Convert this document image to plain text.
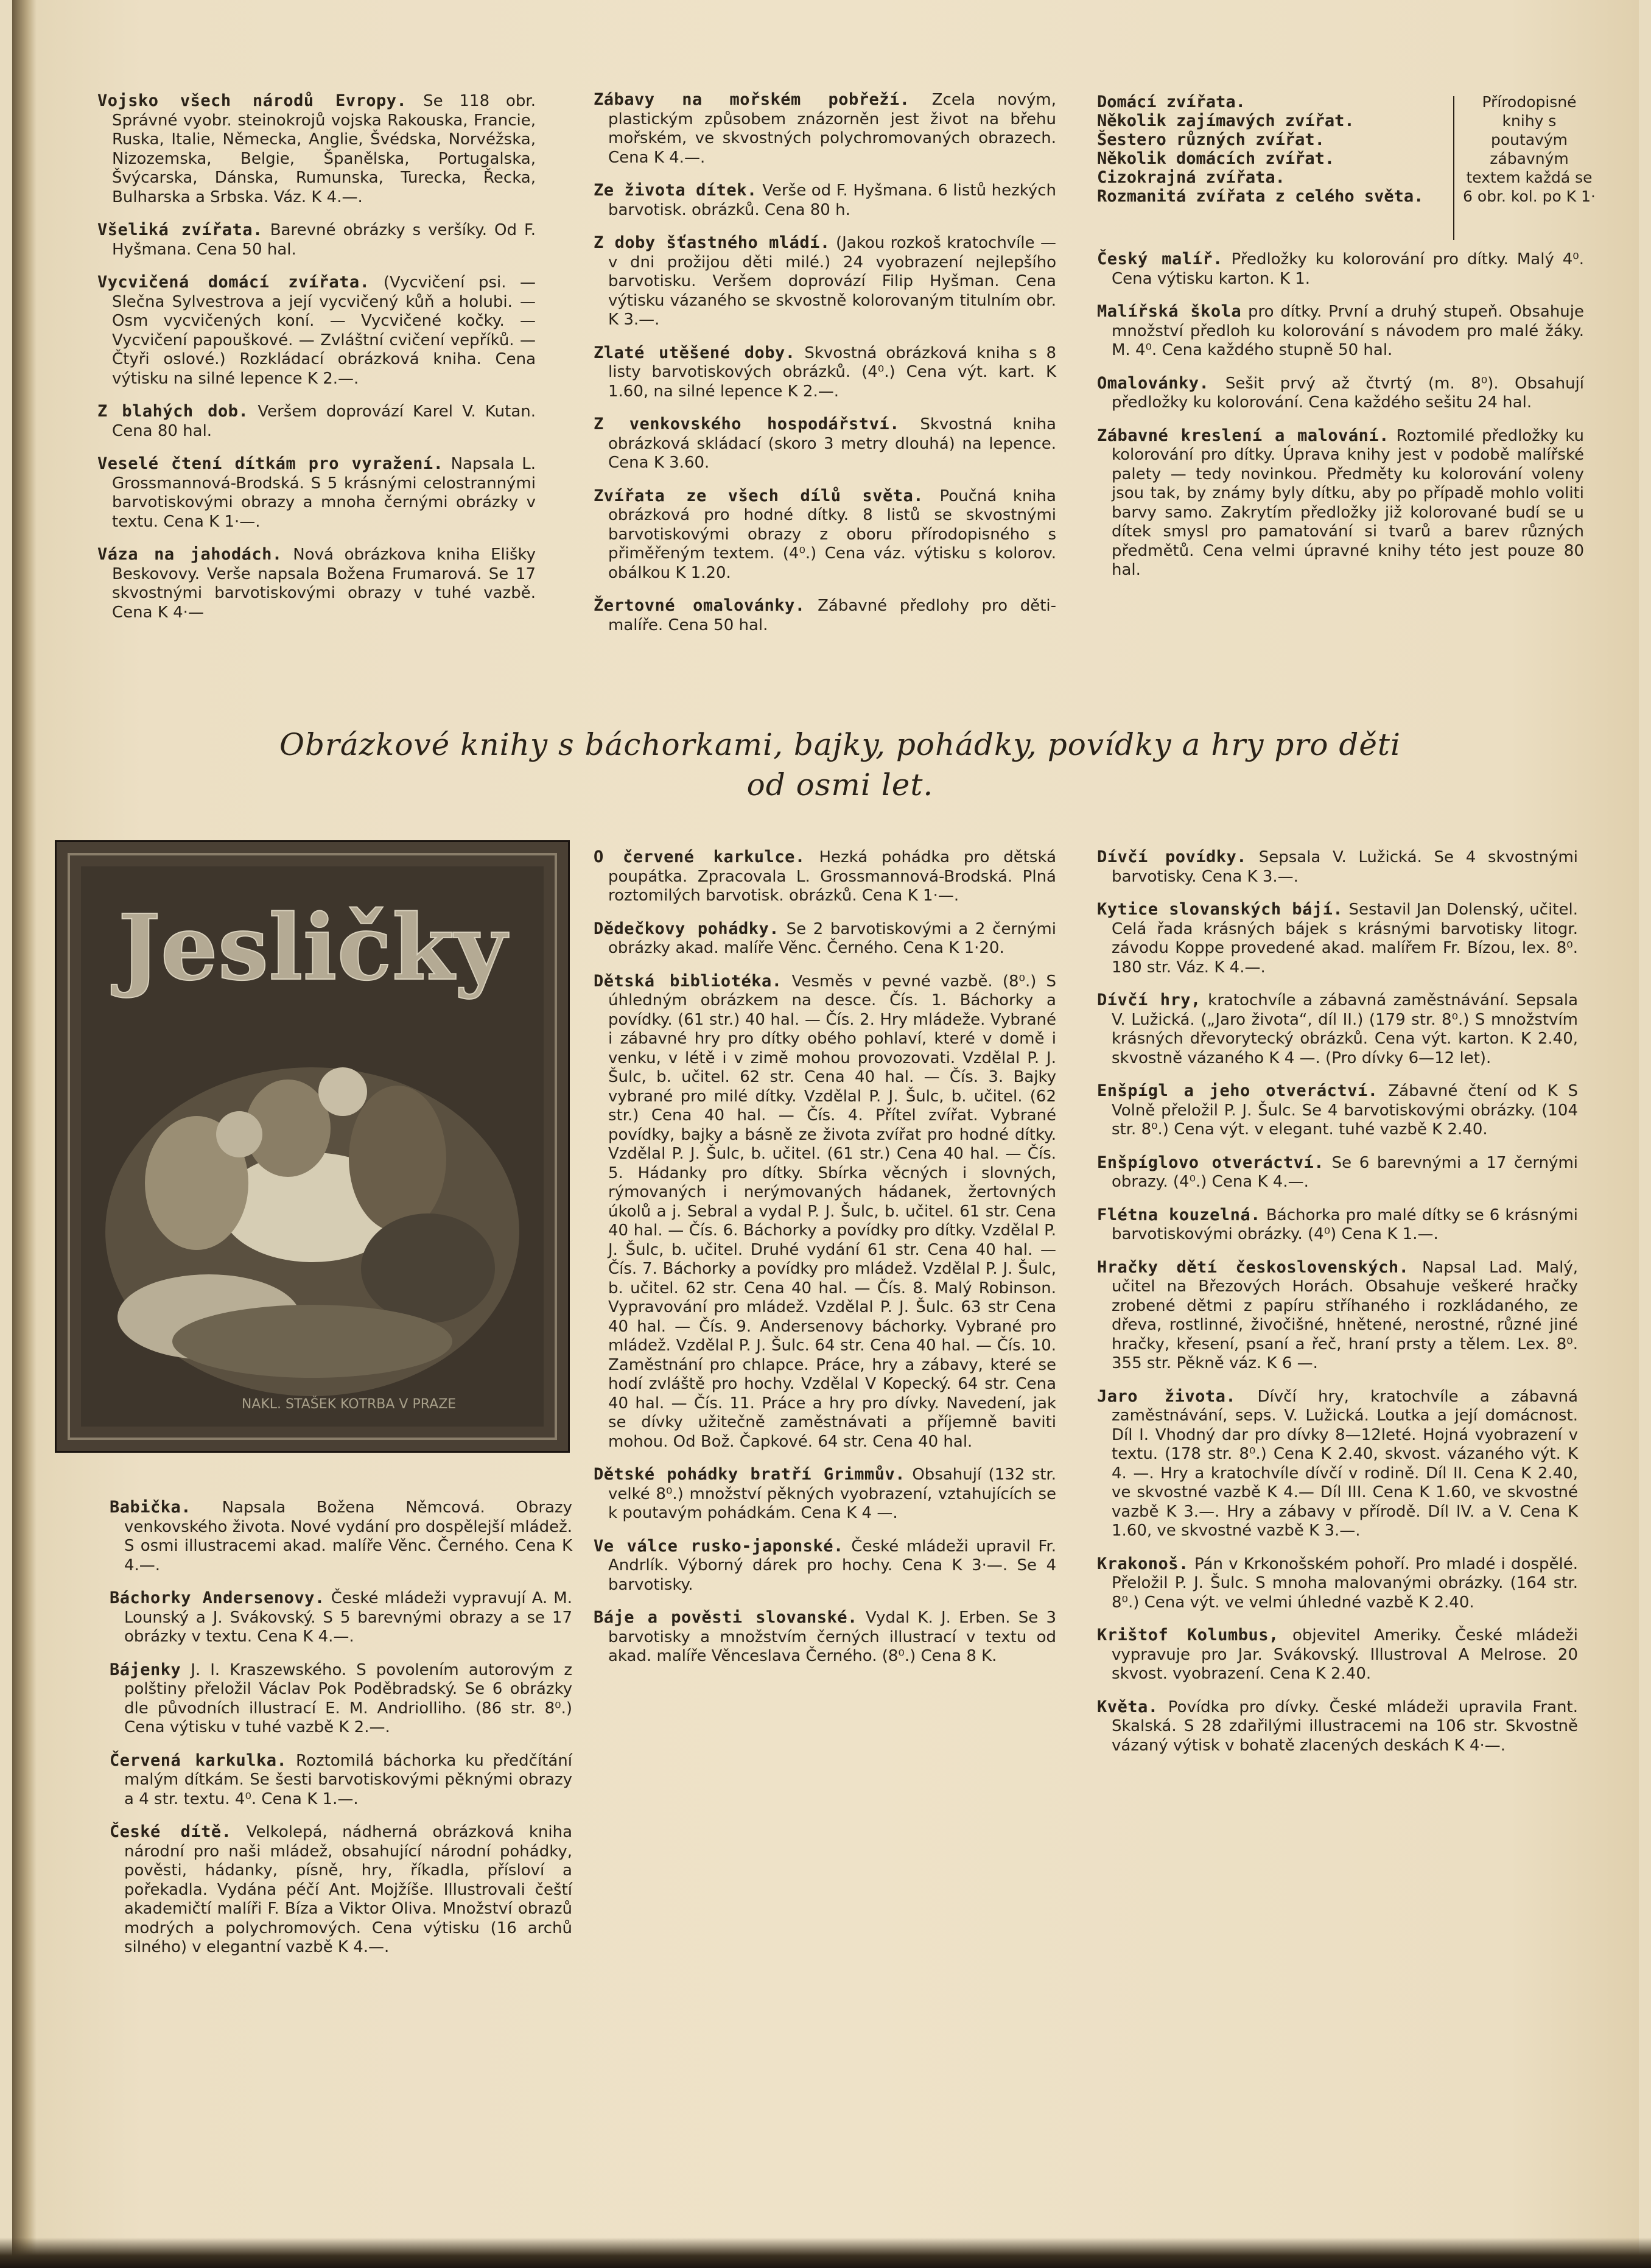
Vojsko všech národů Evropy. Se 118 obr. Správné vyobr. steinokrojů vojska Rakouska, Francie, Ruska, Italie, Německa, Anglie, Švédska, Norvéžska, Nizozemska, Belgie, Španělska, Portugalska, Švýcarska, Dánska, Rumunska, Turecka, Řecka, Bulharska a Srbska. Váz. K 4.—.

Všeliká zvířata. Barevné obrázky s veršíky. Od F. Hyšmana. Cena 50 hal.

Vycvičená domácí zvířata. (Vycvičení psi. — Slečna Sylvestrova a její vycvičený kůň a holubi. — Osm vycvičených koní. — Vycvičené kočky. — Vycvičení papouškové. — Zvláštní cvičení vepříků. — Čtyři oslové.) Rozkládací obrázková kniha. Cena výtisku na silné lepence K 2.—.

Z blahých dob. Veršem doprovází Karel V. Kutan. Cena 80 hal.

Veselé čtení dítkám pro vyražení. Napsala L. Grossmannová-Brodská. S 5 krásnými celostrannými barvotiskovými obrazy a mnoha černými obrázky v textu. Cena K 1·—.

Váza na jahodách. Nová obrázkova kniha Elišky Beskovovy. Verše napsala Božena Frumarová. Se 17 skvostnými barvotiskovými obrazy v tuhé vazbě. Cena K 4·—

Zábavy na mořském pobřeží. Zcela novým, plastickým způsobem znázorněn jest život na břehu mořském, ve skvostných polychromovaných obrazech. Cena K 4.—.

Ze života dítek. Verše od F. Hyšmana. 6 listů hezkých barvotisk. obrázků. Cena 80 h.

Z doby šťastného mládí. (Jakou rozkoš kratochvíle — v dni prožijou děti milé.) 24 vyobrazení nejlepšího barvotisku. Veršem doprovází Filip Hyšman. Cena výtisku vázaného se skvostně kolorovaným titulním obr. K 3.—.

Zlaté utěšené doby. Skvostná obrázková kniha s 8 listy barvotiskových obrázků. (4⁰.) Cena výt. kart. K 1.60, na silné lepence K 2.—.

Z venkovského hospodářství. Skvostná kniha obrázková skládací (skoro 3 metry dlouhá) na lepence. Cena K 3.60.

Zvířata ze všech dílů světa. Poučná kniha obrázková pro hodné dítky. 8 listů se skvostnými barvotiskovými obrazy z oboru přírodopisného s přiměřeným textem. (4⁰.) Cena váz. výtisku s kolorov. obálkou K 1.20.

Žertovné omalovánky. Zábavné předlohy pro děti-malíře. Cena 50 hal.

Domácí zvířata.
Několik zajímavých zvířat.
Šestero různých zvířat.
Několik domácích zvířat.
Cizokrajná zvířata.
Rozmanitá zvířata z celého světa.
Přírodopisné knihy s poutavým zábavným textem každá se 6 obr. kol. po K 1·

Český malíř. Předložky ku kolorování pro dítky. Malý 4⁰. Cena výtisku karton. K 1.

Malířská škola pro dítky. První a druhý stupeň. Obsahuje množství předloh ku kolorování s návodem pro malé žáky. M. 4⁰. Cena každého stupně 50 hal.

Omalovánky. Sešit prvý až čtvrtý (m. 8⁰). Obsahují předložky ku kolorování. Cena každého sešitu 24 hal.

Zábavné kreslení a malování. Roztomilé předložky ku kolorování pro dítky. Úprava knihy jest v podobě malířské palety — tedy novinkou. Předměty ku kolorování voleny jsou tak, by známy byly dítku, aby po případě mohlo voliti barvy samo. Zakrytím předložky již kolorované budí se u dítek smysl pro pamatování si tvarů a barev různých předmětů. Cena velmi úpravné knihy této jest pouze 80 hal.

Obrázkové knihy s báchorkami, bajky, pohádky, povídky a hry pro děti
od osmi let.
Jesličky
NAKL. STAŠEK KOTRBA V PRAZE

Babička. Napsala Božena Němcová. Obrazy venkovského života. Nové vydání pro dospělejší mládež. S osmi illustracemi akad. malíře Věnc. Černého. Cena K 4.—.

Báchorky Andersenovy. České mládeži vypravují A. M. Lounský a J. Svákovský. S 5 barevnými obrazy a se 17 obrázky v textu. Cena K 4.—.

Bájenky J. I. Kraszewského. S povolením autorovým z polštiny přeložil Václav Pok Poděbradský. Se 6 obrázky dle původních illustrací E. M. Andriolliho. (86 str. 8⁰.) Cena výtisku v tuhé vazbě K 2.—.

Červená karkulka. Roztomilá báchorka ku předčítání malým dítkám. Se šesti barvotiskovými pěknými obrazy a 4 str. textu. 4⁰. Cena K 1.—.

České dítě. Velkolepá, nádherná obrázková kniha národní pro naši mládež, obsahující národní pohádky, pověsti, hádanky, písně, hry, říkadla, přísloví a pořekadla. Vydána péčí Ant. Mojžíše. Illustrovali čeští akademičtí malíři F. Bíza a Viktor Oliva. Množství obrazů modrých a polychromových. Cena výtisku (16 archů silného) v elegantní vazbě K 4.—.

O červené karkulce. Hezká pohádka pro dětská poupátka. Zpracovala L. Grossmannová-Brodská. Plná roztomilých barvotisk. obrázků. Cena K 1·—.

Dědečkovy pohádky. Se 2 barvotiskovými a 2 černými obrázky akad. malíře Věnc. Černého. Cena K 1·20.

Dětská bibliotéka. Vesměs v pevné vazbě. (8⁰.) S úhledným obrázkem na desce. Čís. 1. Báchorky a povídky. (61 str.) 40 hal. — Čís. 2. Hry mládeže. Vybrané i zábavné hry pro dítky obého pohlaví, které v domě i venku, v létě i v zimě mohou provozovati. Vzdělal P. J. Šulc, b. učitel. 62 str. Cena 40 hal. — Čís. 3. Bajky vybrané pro milé dítky. Vzdělal P. J. Šulc, b. učitel. (62 str.) Cena 40 hal. — Čís. 4. Přítel zvířat. Vybrané povídky, bajky a básně ze života zvířat pro hodné dítky. Vzdělal P. J. Šulc, b. učitel. (61 str.) Cena 40 hal. — Čís. 5. Hádanky pro dítky. Sbírka věcných i slovných, rýmovaných i nerýmovaných hádanek, žertovných úkolů a j. Sebral a vydal P. J. Šulc, b. učitel. 61 str. Cena 40 hal. — Čís. 6. Báchorky a povídky pro dítky. Vzdělal P. J. Šulc, b. učitel. Druhé vydání 61 str. Cena 40 hal. — Čís. 7. Báchorky a povídky pro mládež. Vzdělal P. J. Šulc, b. učitel. 62 str. Cena 40 hal. — Čís. 8. Malý Robinson. Vypravování pro mládež. Vzdělal P. J. Šulc. 63 str Cena 40 hal. — Čís. 9. Andersenovy báchorky. Vybrané pro mládež. Vzdělal P. J. Šulc. 64 str. Cena 40 hal. — Čís. 10. Zaměstnání pro chlapce. Práce, hry a zábavy, které se hodí zvláště pro hochy. Vzdělal V Kopecký. 64 str. Cena 40 hal. — Čís. 11. Práce a hry pro dívky. Navedení, jak se dívky užitečně zaměstnávati a příjemně baviti mohou. Od Bož. Čapkové. 64 str. Cena 40 hal.

Dětské pohádky bratří Grimmův. Obsahují (132 str. velké 8⁰.) množství pěkných vyobrazení, vztahujících se k poutavým pohádkám. Cena K 4 —.

Ve válce rusko-japonské. České mládeži upravil Fr. Andrlík. Výborný dárek pro hochy. Cena K 3·—. Se 4 barvotisky.

Báje a pověsti slovanské. Vydal K. J. Erben. Se 3 barvotisky a množstvím černých illustrací v textu od akad. malíře Věnceslava Černého. (8⁰.) Cena 8 K.

Dívčí povídky. Sepsala V. Lužická. Se 4 skvostnými barvotisky. Cena K 3.—.

Kytice slovanských bájí. Sestavil Jan Dolenský, učitel. Celá řada krásných bájek s krásnými barvotisky litogr. závodu Koppe provedené akad. malířem Fr. Bízou, lex. 8⁰. 180 str. Váz. K 4.—.

Dívčí hry, kratochvíle a zábavná zaměstnávání. Sepsala V. Lužická. („Jaro života“, díl II.) (179 str. 8⁰.) S množstvím krásných dřevorytecký obrázků. Cena výt. karton. K 2.40, skvostně vázaného K 4 —. (Pro dívky 6—12 let).

Enšpígl a jeho otveráctví. Zábavné čtení od K S Volně přeložil P. J. Šulc. Se 4 barvotiskovými obrázky. (104 str. 8⁰.) Cena výt. v elegant. tuhé vazbě K 2.40.

Enšpíglovo otveráctví. Se 6 barevnými a 17 černými obrazy. (4⁰.) Cena K 4.—.

Flétna kouzelná. Báchorka pro malé dítky se 6 krásnými barvotiskovými obrázky. (4⁰) Cena K 1.—.

Hračky dětí československých. Napsal Lad. Malý, učitel na Březových Horách. Obsahuje veškeré hračky zrobené dětmi z papíru stříhaného i rozkládaného, ze dřeva, rostlinné, živočišné, hnětené, nerostné, různé jiné hračky, křesení, psaní a řeč, hraní prsty a tělem. Lex. 8⁰. 355 str. Pěkně váz. K 6 —.

Jaro života. Dívčí hry, kratochvíle a zábavná zaměstnávání, seps. V. Lužická. Loutka a její domácnost. Díl I. Vhodný dar pro dívky 8—12leté. Hojná vyobrazení v textu. (178 str. 8⁰.) Cena K 2.40, skvost. vázaného výt. K 4. —. Hry a kratochvíle dívčí v rodině. Díl II. Cena K 2.40, ve skvostné vazbě K 4.— Díl III. Cena K 1.60, ve skvostné vazbě K 3.—. Hry a zábavy v přírodě. Díl IV. a V. Cena K 1.60, ve skvostné vazbě K 3.—.

Krakonoš. Pán v Krkonošském pohoří. Pro mladé i dospělé. Přeložil P. J. Šulc. S mnoha malovanými obrázky. (164 str. 8⁰.) Cena výt. ve velmi úhledné vazbě K 2.40.

Krištof Kolumbus, objevitel Ameriky. České mládeži vypravuje pro Jar. Svákovský. Illustroval A Melrose. 20 skvost. vyobrazení. Cena K 2.40.

Květa. Povídka pro dívky. České mládeži upravila Frant. Skalská. S 28 zdařilými illustracemi na 106 str. Skvostně vázaný výtisk v bohatě zlacených deskách K 4·—.
